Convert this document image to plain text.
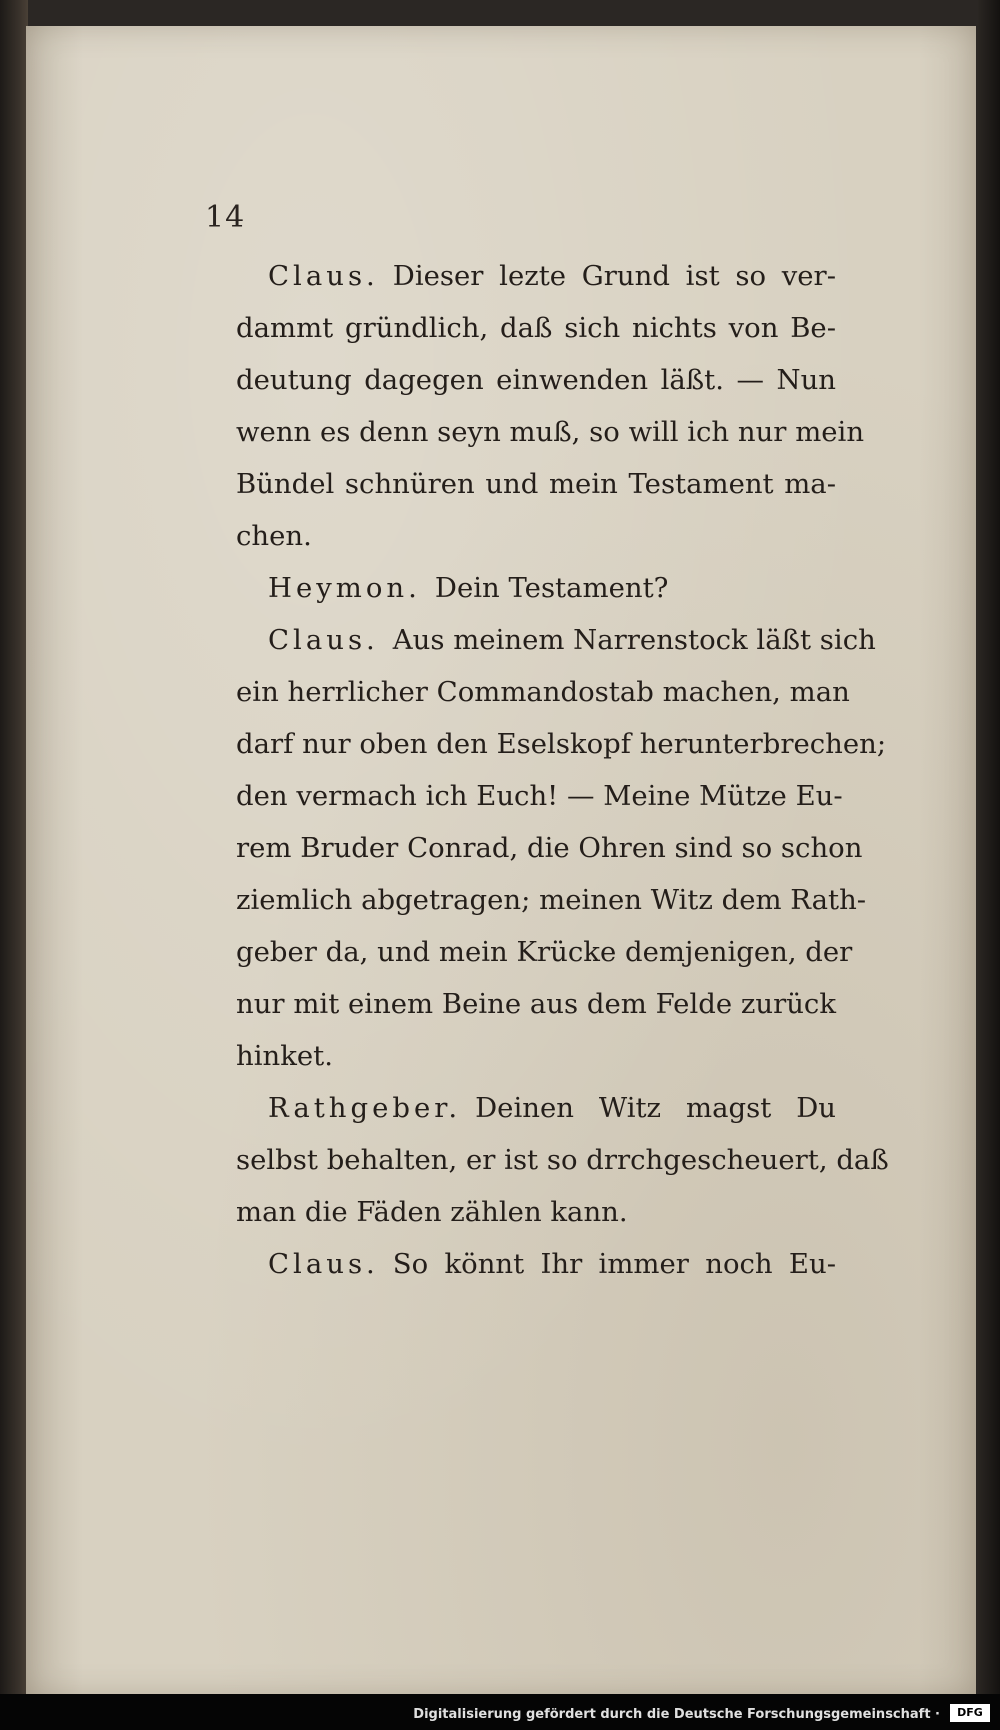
14
Claus. Dieser lezte Grund ist so ver-
dammt gründlich, daß sich nichts von Be-
deutung dagegen einwenden läßt. — Nun
wenn es denn seyn muß, so will ich nur mein
Bündel schnüren und mein Testament ma-
chen.
Heymon. Dein Testament?
Claus. Aus meinem Narrenstock läßt sich
ein herrlicher Commandostab machen, man
darf nur oben den Eselskopf herunterbrechen;
den vermach ich Euch! — Meine Mütze Eu-
rem Bruder Conrad, die Ohren sind so schon
ziemlich abgetragen; meinen Witz dem Rath-
geber da, und mein Krücke demjenigen, der
nur mit einem Beine aus dem Felde zurück
hinket.
Rathgeber. Deinen Witz magst Du
selbst behalten, er ist so drrchgescheuert, daß
man die Fäden zählen kann.
Claus. So könnt Ihr immer noch Eu-
Digitalisierung gefördert durch die Deutsche Forschungsgemeinschaft ·	DFG
